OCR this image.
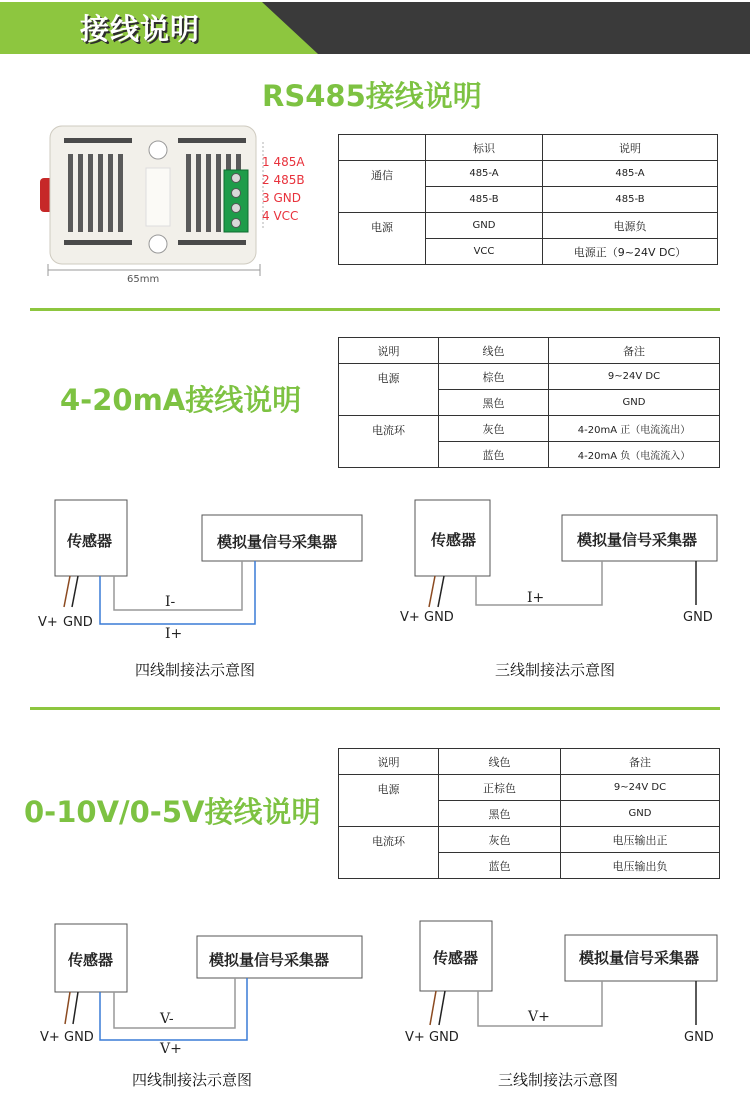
接线说明
RS485接线说明
65mm
1 485A
2 485B
3 GND
4 VCC
	标识	说明
通信	485-A	485-A
	485-B	485-B
电源	GND	电源负
	VCC	电源正（9~24V DC）
4-20mA接线说明
说明	线色	备注
电源	棕色	9~24V DC
	黑色	GND
电流环	灰色	4-20mA 正（电流流出）
	蓝色	4-20mA 负（电流流入）
传感器	模拟量信号采集器
V+ GND
I-
I+
四线制接法示意图
传感器	模拟量信号采集器
V+ GND
I+
GND
三线制接法示意图
0-10V/0-5V接线说明
说明	线色	备注
电源	正棕色	9~24V DC
	黑色	GND
电流环	灰色	电压输出正
	蓝色	电压输出负
传感器	模拟量信号采集器
V+ GND
V-
V+
四线制接法示意图
传感器	模拟量信号采集器
V+ GND
V+
GND
三线制接法示意图
